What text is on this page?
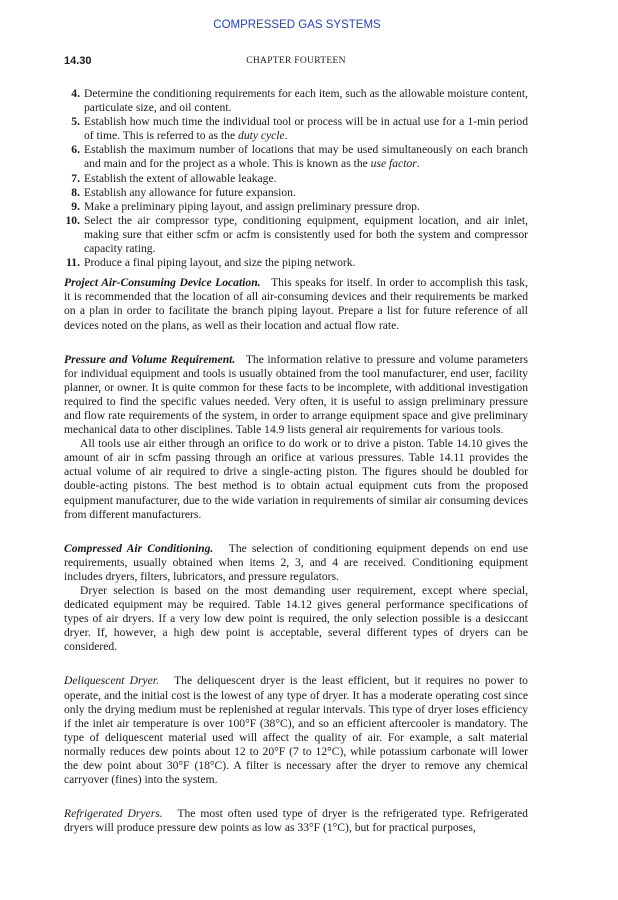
COMPRESSED GAS SYSTEMS
14.30	CHAPTER FOURTEEN
4. Determine the conditioning requirements for each item, such as the allowable moisture content, particulate size, and oil content.
5. Establish how much time the individual tool or process will be in actual use for a 1-min period of time. This is referred to as the duty cycle.
6. Establish the maximum number of locations that may be used simultaneously on each branch and main and for the project as a whole. This is known as the use factor.
7. Establish the extent of allowable leakage.
8. Establish any allowance for future expansion.
9. Make a preliminary piping layout, and assign preliminary pressure drop.
10. Select the air compressor type, conditioning equipment, equipment location, and air inlet, making sure that either scfm or acfm is consistently used for both the system and compressor capacity rating.
11. Produce a final piping layout, and size the piping network.

Project Air-Consuming Device Location. This speaks for itself. In order to accomplish this task, it is recommended that the location of all air-consuming devices and their requirements be marked on a plan in order to facilitate the branch piping layout. Prepare a list for future reference of all devices noted on the plans, as well as their location and actual flow rate.

Pressure and Volume Requirement. The information relative to pressure and volume parameters for individual equipment and tools is usually obtained from the tool manufacturer, end user, facility planner, or owner. It is quite common for these facts to be incomplete, with additional investigation required to find the specific values needed. Very often, it is useful to assign preliminary pressure and flow rate requirements of the system, in order to arrange equipment space and give preliminary mechanical data to other disciplines. Table 14.9 lists general air requirements for various tools.

All tools use air either through an orifice to do work or to drive a piston. Table 14.10 gives the amount of air in scfm passing through an orifice at various pressures. Table 14.11 provides the actual volume of air required to drive a single-acting piston. The figures should be doubled for double-acting pistons. The best method is to obtain actual equipment cuts from the proposed equipment manufacturer, due to the wide variation in requirements of similar air consuming devices from different manufacturers.

Compressed Air Conditioning. The selection of conditioning equipment depends on end use requirements, usually obtained when items 2, 3, and 4 are received. Conditioning equipment includes dryers, filters, lubricators, and pressure regulators.

Dryer selection is based on the most demanding user requirement, except where special, dedicated equipment may be required. Table 14.12 gives general performance specifications of types of air dryers. If a very low dew point is required, the only selection possible is a desiccant dryer. If, however, a high dew point is acceptable, several different types of dryers can be considered.

Deliquescent Dryer. The deliquescent dryer is the least efficient, but it requires no power to operate, and the initial cost is the lowest of any type of dryer. It has a moderate operating cost since only the drying medium must be replenished at regular intervals. This type of dryer loses efficiency if the inlet air temperature is over 100°F (38°C), and so an efficient aftercooler is mandatory. The type of deliquescent material used will affect the quality of air. For example, a salt material normally reduces dew points about 12 to 20°F (7 to 12°C), while potassium carbonate will lower the dew point about 30°F (18°C). A filter is necessary after the dryer to remove any chemical carryover (fines) into the system.

Refrigerated Dryers. The most often used type of dryer is the refrigerated type. Refrigerated dryers will produce pressure dew points as low as 33°F (1°C), but for practical purposes,
